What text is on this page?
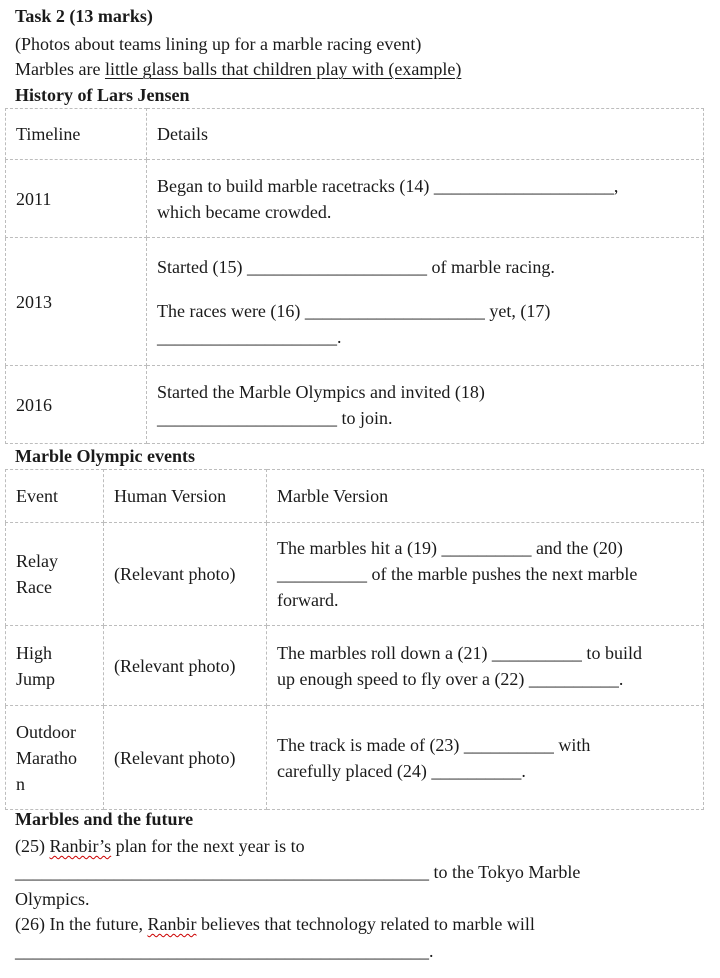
Task 2 (13 marks)
(Photos about teams lining up for a marble racing event)
Marbles are little glass balls that children play with (example)
History of Lars Jensen
Timeline	Details
2011	Began to build marble racetracks (14) ____________________,
which became crowded.

2013	Started (15) ____________________ of marble racing.
The races were (16) ____________________ yet, (17)
____________________.

2016	Started the Marble Olympics and invited (18)
____________________ to join.
Marble Olympic events
Event	Human Version	Marble Version

Relay
Race	(Relevant photo)	The marbles hit a (19) __________ and the (20)
__________ of the marble pushes the next marble
forward.

High
Jump	(Relevant photo)	The marbles roll down a (21) __________ to build
up enough speed to fly over a (22) __________.

Outdoor
Maratho
n	(Relevant photo)	The track is made of (23) __________ with
carefully placed (24) __________.
Marbles and the future
(25) Ranbir’s plan for the next year is to
______________________________________________ to the Tokyo Marble
Olympics.
(26) In the future, Ranbir believes that technology related to marble will
______________________________________________.
